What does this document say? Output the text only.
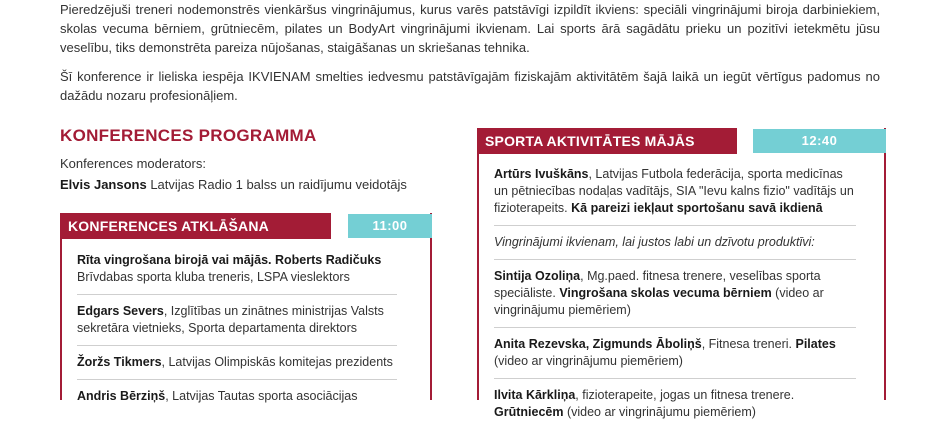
Pieredzējuši treneri nodemonstrēs vienkāršus vingrinājumus, kurus varēs patstāvīgi izpildīt ikviens: speciāli vingrinājumi biroja darbiniekiem, skolas vecuma bērniem, grūtniecēm, pilates un BodyArt vingrinājumi ikvienam. Lai sports ārā sagādātu prieku un pozitīvi ietekmētu jūsu veselību, tiks demonstrēta pareiza nūjošanas, staigāšanas un skriešanas tehnika.

Šī konference ir lieliska iespēja IKVIENAM smelties iedvesmu patstāvīgajām fiziskajām aktivitātēm šajā laikā un iegūt vērtīgus padomus no dažādu nozaru profesionāļiem.

KONFERENCES PROGRAMMA
Konferences moderators:
Elvis Jansons Latvijas Radio 1 balss un raidījumu veidotājs
KONFERENCES ATKLĀŠANA	11:00
Rīta vingrošana birojā vai mājās. Roberts Radičuks
Brīvdabas sporta kluba treneris, LSPA vieslektors
Edgars Severs, Izglītības un zinātnes ministrijas Valsts sekretāra vietnieks, Sporta departamenta direktors
Žoržs Tikmers, Latvijas Olimpiskās komitejas prezidents
Andris Bērziņš, Latvijas Tautas sporta asociācijas
SPORTA AKTIVITĀTES MĀJĀS	12:40
Artūrs Ivuškāns, Latvijas Futbola federācija, sporta medicīnas un pētniecības nodaļas vadītājs, SIA "Ievu kalns fizio" vadītājs un fizioterapeits. Kā pareizi iekļaut sportošanu savā ikdienā
Vingrinājumi ikvienam, lai justos labi un dzīvotu produktīvi:
Sintija Ozoliņa, Mg.paed. fitnesa trenere, veselības sporta speciāliste. Vingrošana skolas vecuma bērniem (video ar vingrinājumu piemēriem)
Anita Rezevska, Zigmunds Āboliņš, Fitnesa treneri. Pilates (video ar vingrinājumu piemēriem)
Ilvita Kārkliņa, fizioterapeite, jogas un fitnesa trenere.
Grūtniecēm (video ar vingrinājumu piemēriem)
